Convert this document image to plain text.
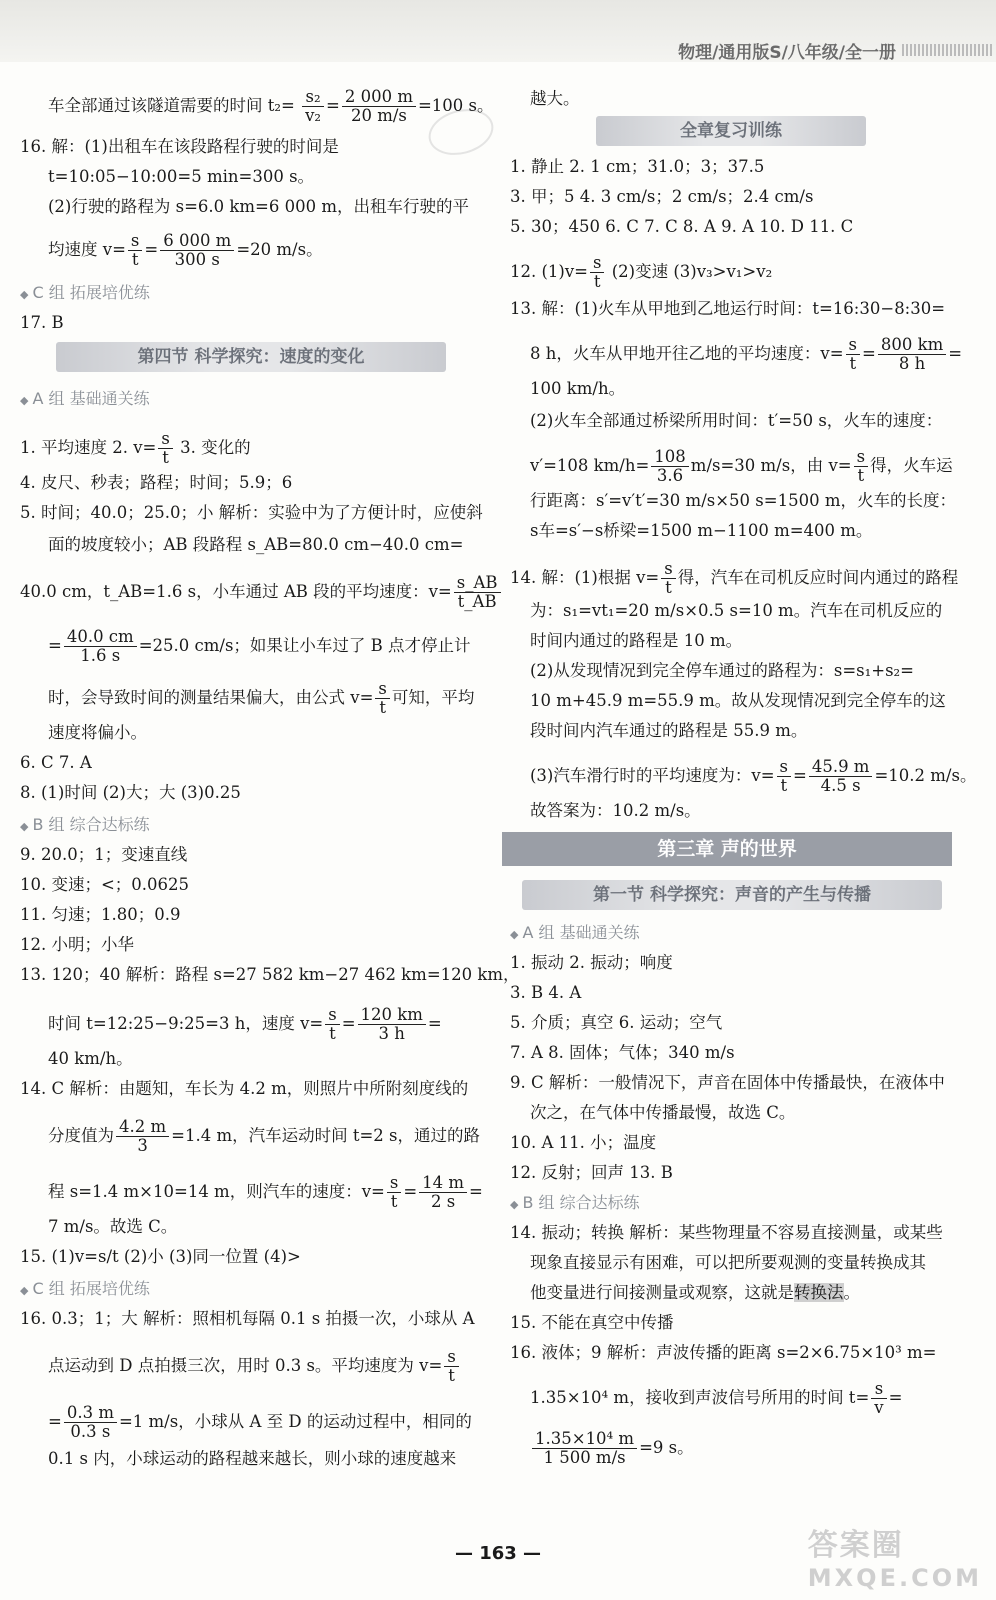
物理/通用版S/八年级/全一册
车全部通过该隧道需要的时间 $t_2= \frac{\text{s₂}}{\text{v₂}} = \frac{2 000 m}{20 m/s} =100$ s。
16. 解：(1)出租车在该段路程行驶的时间是
t=10:05−10:00=5 min=300 s。
(2)行驶的路程为 s=6.0 km=6 000 m，出租车行驶的平
均速度 $v= \frac{s}{t} = \frac{6 000 m}{300 s} =20$ m/s。
◆ C 组 拓展培优练
17. B
第四节 科学探究：速度的变化
◆ A 组 基础通关练
1. 平均速度 2. $v= \frac{s}{t} 3$. 变化的
4. 皮尺、秒表；路程；时间；5.9；6
5. 时间；40.0；25.0；小 解析：实验中为了方便计时，应使斜
面的坡度较小；AB 段路程 s_AB=80.0 cm−40.0 cm=
40.0 cm，t_AB=1.6 s，小车通过 AB 段的平均速度：$v= \frac{s\_AB}{t\_AB}$
= $\frac{40.0 cm}{1.6 s} =25.0$ cm/s；如果让小车过了 B 点才停止计
时，会导致时间的测量结果偏大，由公式 $v= \frac{s}{t}$ 可知，平均
速度将偏小。
6. C 7. A
8. (1)时间 (2)大；大 (3)0.25
◆ B 组 综合达标练
9. 20.0；1；变速直线
10. 变速；<；0.0625
11. 匀速；1.80；0.9
12. 小明；小华
13. 120；40 解析：路程 s=27 582 km−27 462 km=120 km，
时间 t=12:25−9:25=3 h，速度 $v= \frac{s}{t} = \frac{120 km}{3 h}$ =
40 km/h。
14. C 解析：由题知，车长为 4.2 m，则照片中所附刻度线的
分度值为 $\frac{4.2 m}{3} =1.4$ m，汽车运动时间 t=2 s，通过的路
程 s=1.4 m×10=14 m，则汽车的速度：$v= \frac{s}{t} = \frac{14 m}{2 s}$ =
7 m/s。故选 C。
15. (1)v=s/t (2)小 (3)同一位置 (4)>
◆ C 组 拓展培优练
16. 0.3；1；大 解析：照相机每隔 0.1 s 拍摄一次，小球从 A
点运动到 D 点拍摄三次，用时 0.3 s。平均速度为 $v= \frac{s}{t}$
= $\frac{0.3 m}{0.3 s} =1$ m/s，小球从 A 至 D 的运动过程中，相同的
0.1 s 内，小球运动的路程越来越长，则小球的速度越来
越大。
全章复习训练
1. 静止 2. 1 cm；31.0；3；37.5
3. 甲；5 4. 3 cm/s；2 cm/s；2.4 cm/s
5. 30；450 6. C 7. C 8. A 9. A 10. D 11. C
12. $(1)v= \frac{s}{t} (2)$变速 (3)v₃>v₁>v₂
13. 解：(1)火车从甲地到乙地运行时间：t=16:30−8:30=
8 h，火车从甲地开往乙地的平均速度：$v= \frac{s}{t} = \frac{800 km}{8 h}$ =
100 km/h。
(2)火车全部通过桥梁所用时间：t′=50 s，火车的速度：
v′=108 $km/h= \frac{108}{3.6} m/s=30$ m/s，由 $v= \frac{s}{t}$ 得，火车运
行距离：s′=v′t′=30 m/s×50 s=1500 m，火车的长度：
s车=s′−s桥梁=1500 m−1100 m=400 m。
14. 解：(1)根据 $v= \frac{s}{t}$ 得，汽车在司机反应时间内通过的路程
为：s₁=vt₁=20 m/s×0.5 s=10 m。汽车在司机反应的
时间内通过的路程是 10 m。
(2)从发现情况到完全停车通过的路程为：s=s₁+s₂=
10 m+45.9 m=55.9 m。故从发现情况到完全停车的这
段时间内汽车通过的路程是 55.9 m。
(3)汽车滑行时的平均速度为：$v= \frac{s}{t} = \frac{45.9 m}{4.5 s} =10.2$ m/s。
故答案为：10.2 m/s。
第三章 声的世界
第一节 科学探究：声音的产生与传播
◆ A 组 基础通关练
1. 振动 2. 振动；响度
3. B 4. A
5. 介质；真空 6. 运动；空气
7. A 8. 固体；气体；340 m/s
9. C 解析：一般情况下，声音在固体中传播最快，在液体中
次之，在气体中传播最慢，故选 C。
10. A 11. 小；温度
12. 反射；回声 13. B
◆ B 组 综合达标练
14. 振动；转换 解析：某些物理量不容易直接测量，或某些
现象直接显示有困难，可以把所要观测的变量转换成其
他变量进行间接测量或观察，这就是转换法。
15. 不能在真空中传播
16. 液体；9 解析：声波传播的距离 s=2×6.75×10³ m=
1.35×10⁴ m，接收到声波信号所用的时间 $t= \frac{s}{v}$ =
$\frac{\text{1.35×10⁴ m}}{1 500 m/s} =9$ s。
— 163 —	答案圈
MXQE.COM
